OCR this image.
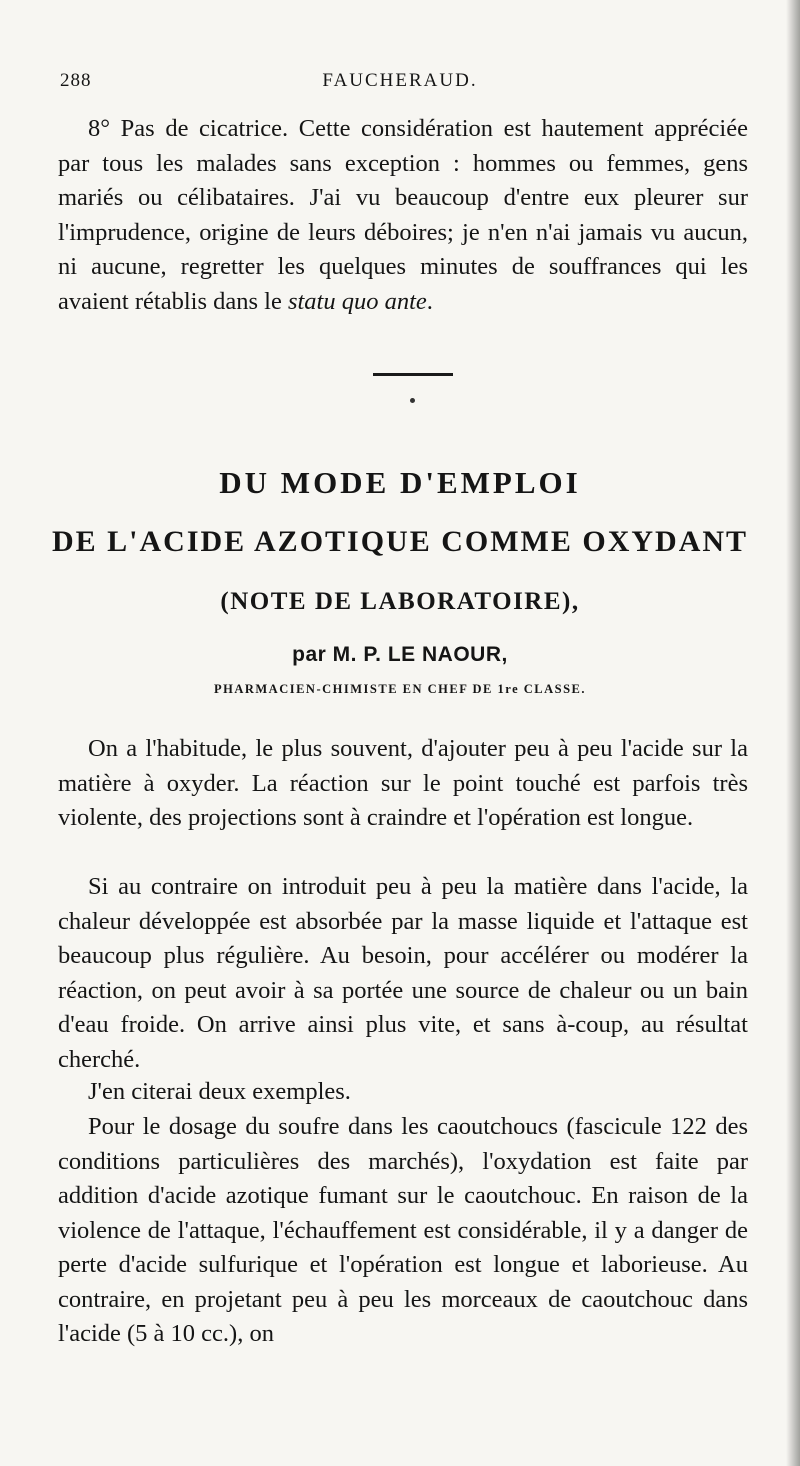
288	FAUCHERAUD.

8° Pas de cicatrice. Cette considération est hautement appréciée par tous les malades sans exception : hommes ou femmes, gens mariés ou célibataires. J'ai vu beaucoup d'entre eux pleurer sur l'imprudence, origine de leurs déboires; je n'en n'ai jamais vu aucun, ni aucune, regretter les quelques minutes de souffrances qui les avaient rétablis dans le statu quo ante.

DU MODE D'EMPLOI
DE L'ACIDE AZOTIQUE COMME OXYDANT
(NOTE DE LABORATOIRE),
par M. P. LE NAOUR,
PHARMACIEN-CHIMISTE EN CHEF DE 1re CLASSE.

On a l'habitude, le plus souvent, d'ajouter peu à peu l'acide sur la matière à oxyder. La réaction sur le point touché est parfois très violente, des projections sont à craindre et l'opération est longue.

Si au contraire on introduit peu à peu la matière dans l'acide, la chaleur développée est absorbée par la masse liquide et l'attaque est beaucoup plus régulière. Au besoin, pour accélérer ou modérer la réaction, on peut avoir à sa portée une source de chaleur ou un bain d'eau froide. On arrive ainsi plus vite, et sans à-coup, au résultat cherché.

J'en citerai deux exemples.

Pour le dosage du soufre dans les caoutchoucs (fascicule 122 des conditions particulières des marchés), l'oxydation est faite par addition d'acide azotique fumant sur le caoutchouc. En raison de la violence de l'attaque, l'échauffement est considérable, il y a danger de perte d'acide sulfurique et l'opération est longue et laborieuse. Au contraire, en projetant peu à peu les morceaux de caoutchouc dans l'acide (5 à 10 cc.), on
